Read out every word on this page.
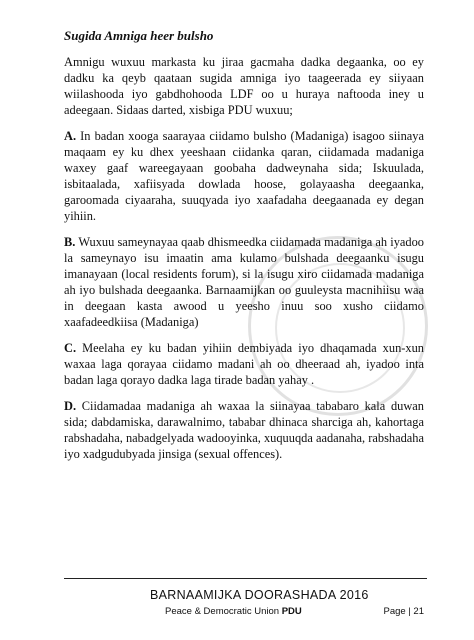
Sugida Amniga heer bulsho

Amnigu wuxuu markasta ku jiraa gacmaha dadka degaanka, oo ey dadku ka qeyb qaataan sugida amniga iyo taageerada ey siiyaan wiilashooda iyo gabdhohooda LDF oo u huraya naftooda iney u adeegaan. Sidaas darted, xisbiga PDU wuxuu;

A. In badan xooga saarayaa ciidamo bulsho (Madaniga) isagoo siinaya maqaam ey ku dhex yeeshaan ciidanka qaran, ciidamada madaniga waxey gaaf wareegayaan goobaha dadweynaha sida; Iskuulada, isbitaalada, xafiisyada dowlada hoose, golayaasha deegaanka, garoomada ciyaaraha, suuqyada iyo xaafadaha deegaanada ey degan yihiin.

B. Wuxuu sameynayaa qaab dhismeedka ciidamada madaniga ah iyadoo la sameynayo isu imaatin ama kulamo bulshada deegaanku isugu imanayaan (local residents forum), si la isugu xiro ciidamada madaniga ah iyo bulshada deegaanka. Barnaamijkan oo guuleysta macnihiisu waa in deegaan kasta awood u yeesho inuu soo xusho ciidamo xaafadeedkiisa (Madaniga)

C. Meelaha ey ku badan yihiin dembiyada iyo dhaqamada xun-xun waxaa laga qorayaa ciidamo madani ah oo dheeraad ah, iyadoo inta badan laga qorayo dadka laga tirade badan yahay .

D. Ciidamadaa madaniga ah waxaa la siinayaa tababaro kala duwan sida; dabdamiska, darawalnimo, tababar dhinaca sharciga ah, kahortaga rabshadaha, nabadgelyada wadooyinka, xuquuqda aadanaha, rabshadaha iyo xadgudubyada jinsiga (sexual offences).

BARNAAMIJKA DOORASHADA 2016
Peace & Democratic Union PDU	Page | 21
